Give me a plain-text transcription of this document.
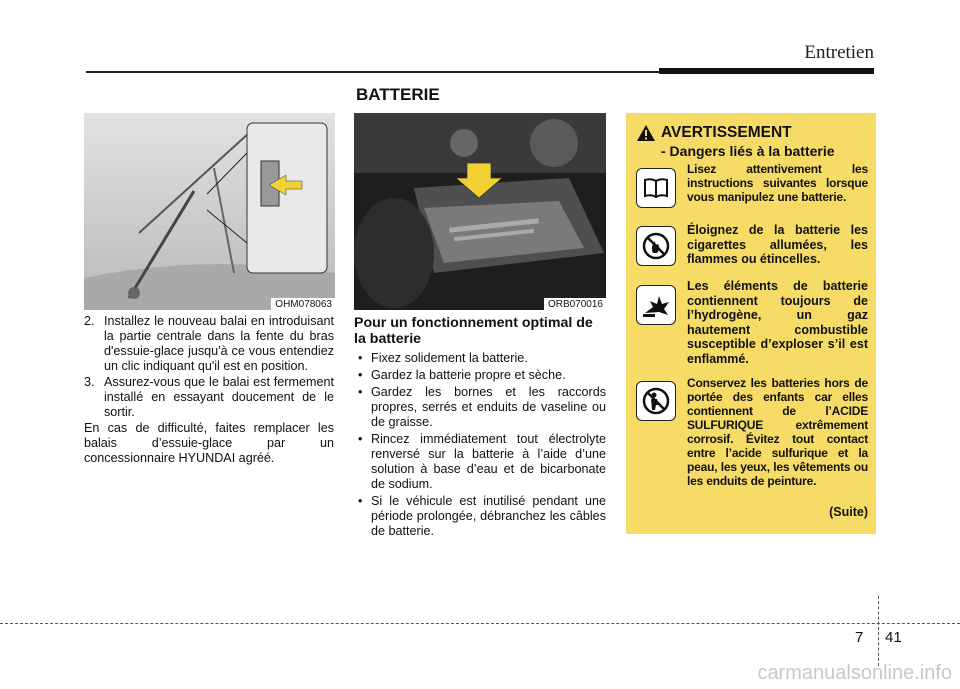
Entretien
BATTERIE
OHM078063	ORB070016
2. Installez le nouveau balai en introduisant la partie centrale dans la fente du bras d'essuie-glace jusqu'à ce vous entendiez un clic indiquant qu'il est en position.
3. Assurez-vous que le balai est fermement installé en essayant doucement de le sortir.

En cas de difficulté, faites remplacer les balais d’essuie-glace par un concessionnaire HYUNDAI agréé.

Pour un fonctionnement optimal de la batterie
• Fixez solidement la batterie.
• Gardez la batterie propre et sèche.
• Gardez les bornes et les raccords propres, serrés et enduits de vaseline ou de graisse.
• Rincez immédiatement tout électrolyte renversé sur la batterie à l’aide d’une solution à base d’eau et de bicarbonate de sodium.
• Si le véhicule est inutilisé pendant une période prolongée, débranchez les câbles de batterie.
AVERTISSEMENT
- Dangers liés à la batterie
Lisez attentivement les instructions suivantes lorsque vous manipulez une batterie.
Éloignez de la batterie les cigarettes allumées, les flammes ou étincelles.
Les éléments de batterie contiennent toujours de l’hydrogène, un gaz hautement combustible susceptible d’exploser s’il est enflammé.
Conservez les batteries hors de portée des enfants car elles contiennent de l’ACIDE SULFURIQUE extrêmement corrosif. Évitez tout contact entre l’acide sulfurique et la peau, les yeux, les vêtements ou les enduits de peinture.
(Suite)
7 41
carmanualsonline.info
